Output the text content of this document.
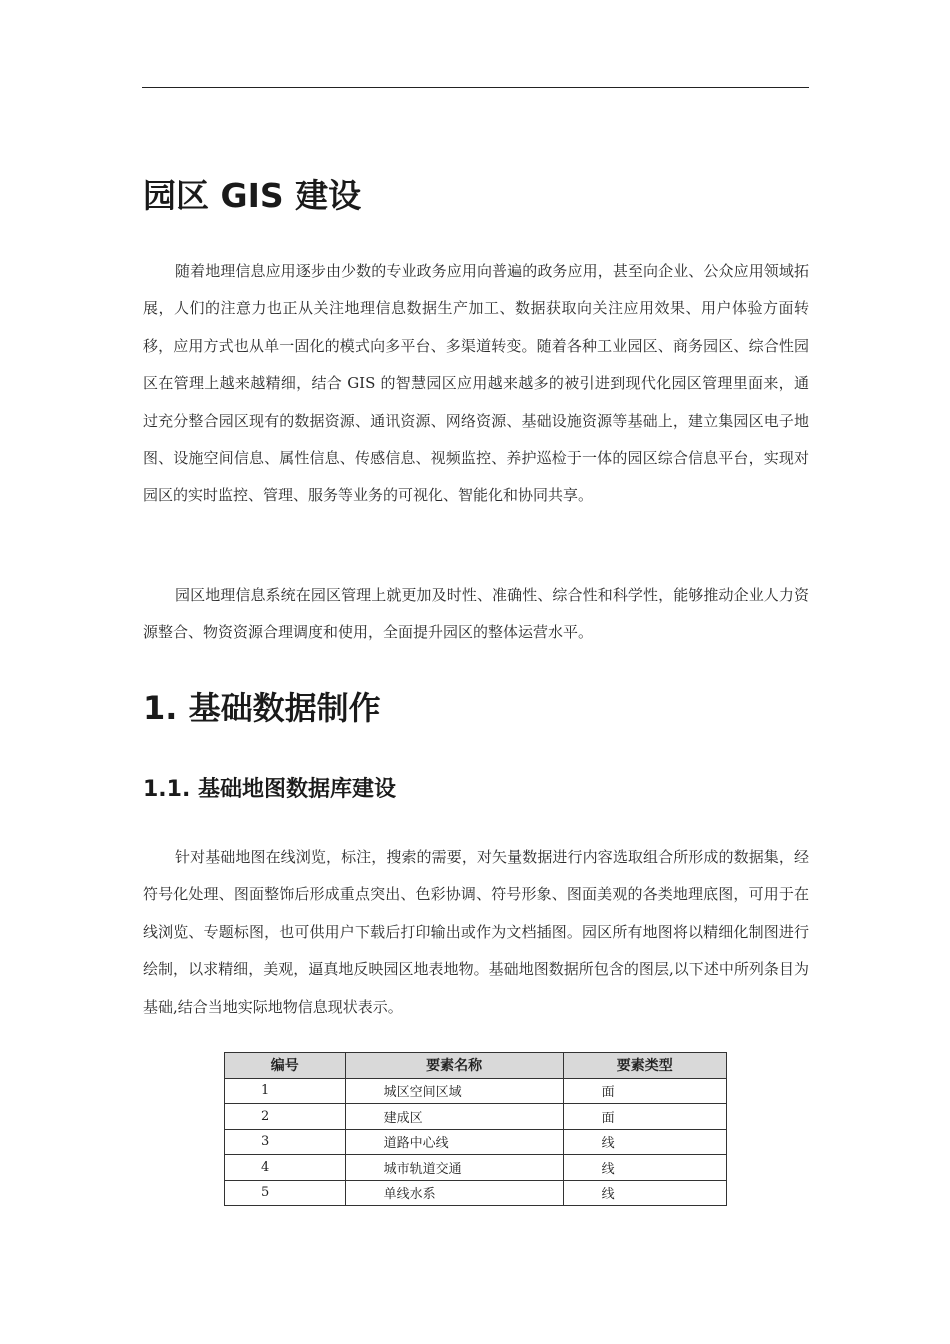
园区 GIS 建设

随着地理信息应用逐步由少数的专业政务应用向普遍的政务应用，甚至向企业、公众应用领域拓展，人们的注意力也正从关注地理信息数据生产加工、数据获取向关注应用效果、用户体验方面转移，应用方式也从单一固化的模式向多平台、多渠道转变。随着各种工业园区、商务园区、综合性园区在管理上越来越精细，结合 GIS 的智慧园区应用越来越多的被引进到现代化园区管理里面来，通过充分整合园区现有的数据资源、通讯资源、网络资源、基础设施资源等基础上，建立集园区电子地图、设施空间信息、属性信息、传感信息、视频监控、养护巡检于一体的园区综合信息平台，实现对园区的实时监控、管理、服务等业务的可视化、智能化和协同共享。

园区地理信息系统在园区管理上就更加及时性、准确性、综合性和科学性，能够推动企业人力资源整合、物资资源合理调度和使用，全面提升园区的整体运营水平。

1. 基础数据制作
1.1. 基础地图数据库建设

针对基础地图在线浏览，标注，搜索的需要，对矢量数据进行内容选取组合所形成的数据集，经符号化处理、图面整饰后形成重点突出、色彩协调、符号形象、图面美观的各类地理底图，可用于在线浏览、专题标图，也可供用户下载后打印输出或作为文档插图。园区所有地图将以精细化制图进行绘制，以求精细，美观，逼真地反映园区地表地物。基础地图数据所包含的图层,以下述中所列条目为基础,结合当地实际地物信息现状表示。

编号	要素名称	要素类型
1	城区空间区域	面
2	建成区	面
3	道路中心线	线
4	城市轨道交通	线
5	单线水系	线
